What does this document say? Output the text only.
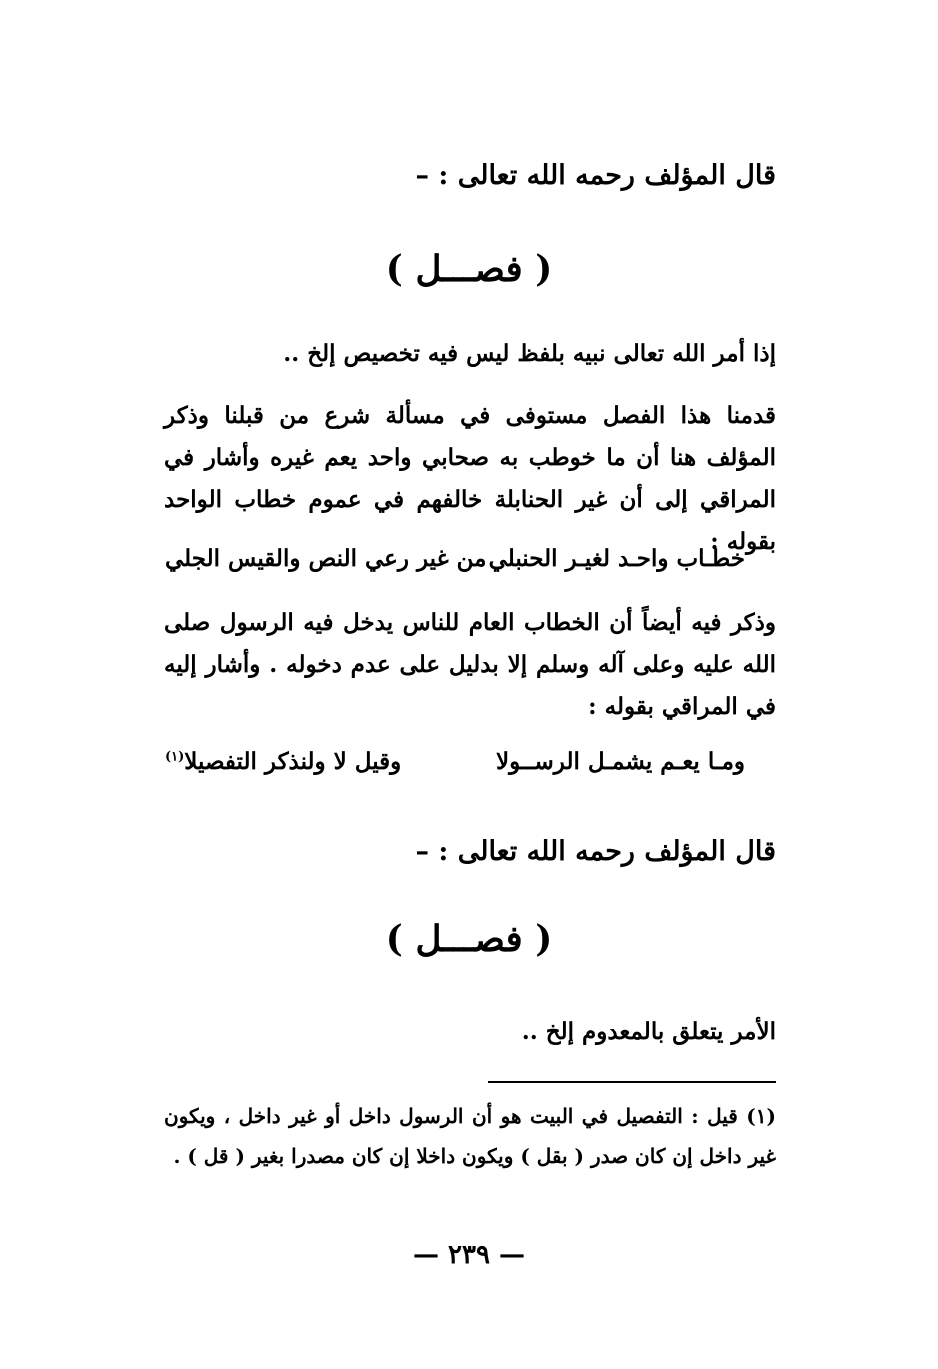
قال المؤلف رحمه الله تعالى : –
( فصـــل )
إذا أمر الله تعالى نبيه بلفظ ليس فيه تخصيص إلخ ..
قدمنا هذا الفصل مستوفى في مسألة شرع من قبلنا وذكر المؤلف هنا أن ما خوطب به صحابي واحد يعم غيره وأشار في المراقي إلى أن غير الحنابلة خالفهم في عموم خطاب الواحد بقوله :
خطـاب واحـد لغيـر الحنبلي
من غير رعي النص والقيس الجلي
وذكر فيه أيضاً أن الخطاب العام للناس يدخل فيه الرسول صلى الله عليه وعلى آله وسلم إلا بدليل على عدم دخوله . وأشار إليه في المراقي بقوله :
ومـا يعـم يشمـل الرســولا
وقيل لا ولنذكر التفصيلا$^{(١)}$
قال المؤلف رحمه الله تعالى : –
( فصـــل )
الأمر يتعلق بالمعدوم إلخ ..
(١) قيل : التفصيل في البيت هو أن الرسول داخل أو غير داخل ، ويكون غير داخل إن كان صدر ( بقل ) ويكون داخلا إن كان مصدرا بغير ( قل ) .
— ٢٣٩ —
